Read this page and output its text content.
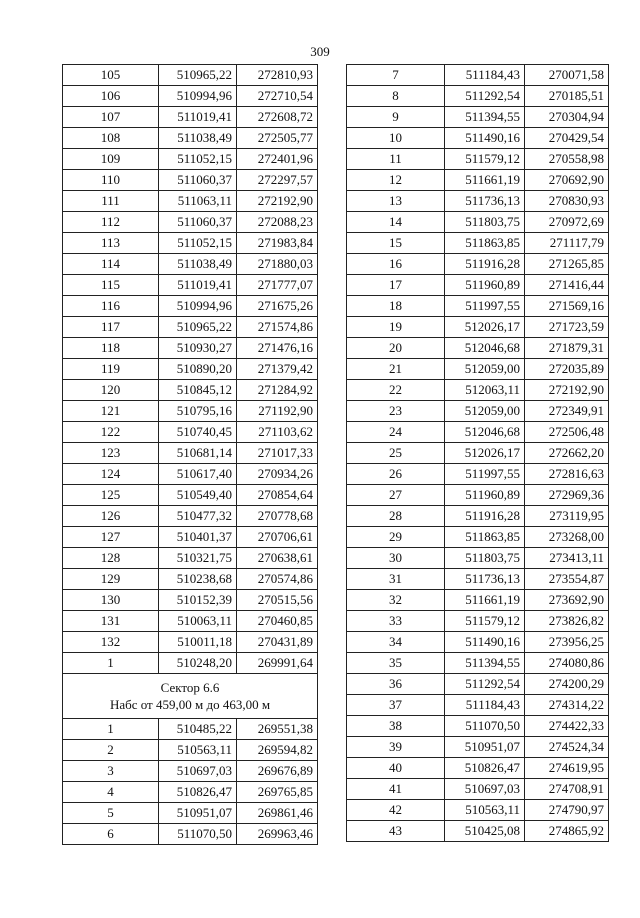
309
105	510965,22	272810,93
106	510994,96	272710,54
107	511019,41	272608,72
108	511038,49	272505,77
109	511052,15	272401,96
110	511060,37	272297,57
111	511063,11	272192,90
112	511060,37	272088,23
113	511052,15	271983,84
114	511038,49	271880,03
115	511019,41	271777,07
116	510994,96	271675,26
117	510965,22	271574,86
118	510930,27	271476,16
119	510890,20	271379,42
120	510845,12	271284,92
121	510795,16	271192,90
122	510740,45	271103,62
123	510681,14	271017,33
124	510617,40	270934,26
125	510549,40	270854,64
126	510477,32	270778,68
127	510401,37	270706,61
128	510321,75	270638,61
129	510238,68	270574,86
130	510152,39	270515,56
131	510063,11	270460,85
132	510011,18	270431,89
1	510248,20	269991,64

Сектор 6.6
Набс от 459,00 м до 463,00 м		

1	510485,22	269551,38
2	510563,11	269594,82
3	510697,03	269676,89
4	510826,47	269765,85
5	510951,07	269861,46
6	511070,50	269963,46
7	511184,43	270071,58
8	511292,54	270185,51
9	511394,55	270304,94
10	511490,16	270429,54
11	511579,12	270558,98
12	511661,19	270692,90
13	511736,13	270830,93
14	511803,75	270972,69
15	511863,85	271117,79
16	511916,28	271265,85
17	511960,89	271416,44
18	511997,55	271569,16
19	512026,17	271723,59
20	512046,68	271879,31
21	512059,00	272035,89
22	512063,11	272192,90
23	512059,00	272349,91
24	512046,68	272506,48
25	512026,17	272662,20
26	511997,55	272816,63
27	511960,89	272969,36
28	511916,28	273119,95
29	511863,85	273268,00
30	511803,75	273413,11
31	511736,13	273554,87
32	511661,19	273692,90
33	511579,12	273826,82
34	511490,16	273956,25
35	511394,55	274080,86
36	511292,54	274200,29
37	511184,43	274314,22
38	511070,50	274422,33
39	510951,07	274524,34
40	510826,47	274619,95
41	510697,03	274708,91
42	510563,11	274790,97
43	510425,08	274865,92
